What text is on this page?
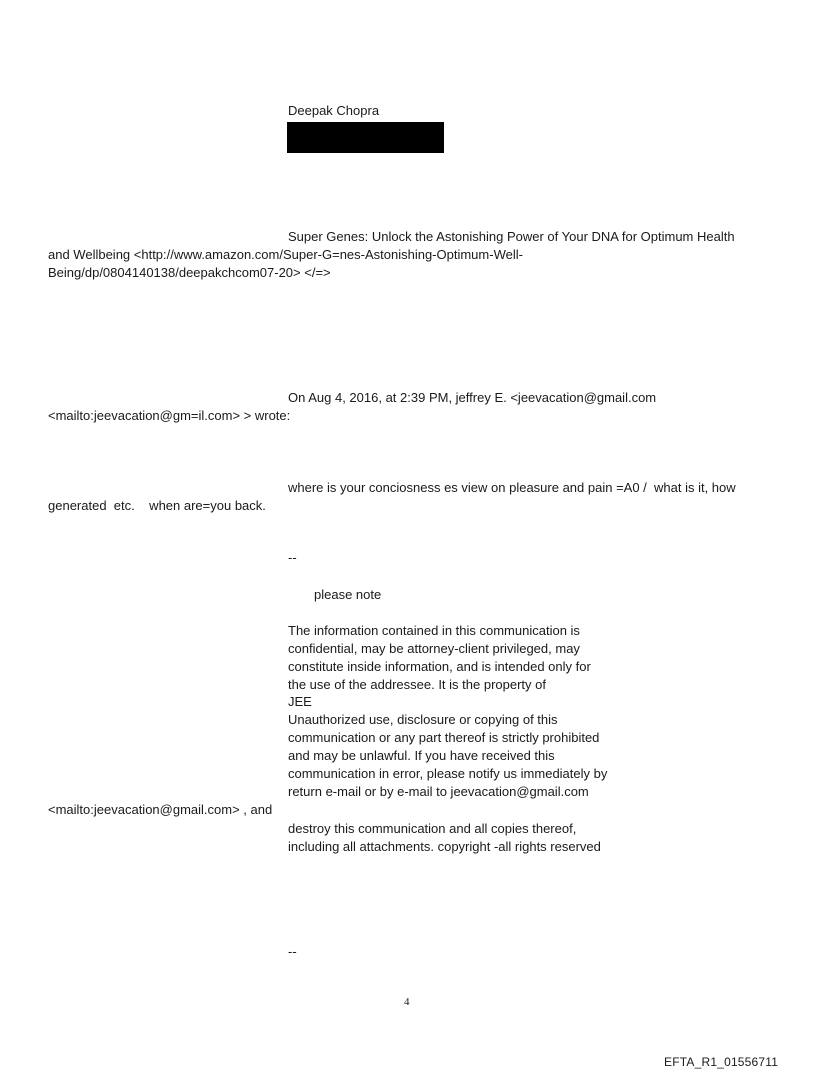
Deepak Chopra
Super Genes: Unlock the Astonishing Power of Your DNA for Optimum Health
and Wellbeing <http://www.amazon.com/Super-G=nes-Astonishing-Optimum-Well-
Being/dp/0804140138/deepakchcom07-20> </=>
On Aug 4, 2016, at 2:39 PM, jeffrey E. <jeevacation@gmail.com
<mailto:jeevacation@gm=il.com> > wrote:
where is your conciosness es view on pleasure and pain =A0 /  what is it, how
generated  etc.    when are=you back.
--
please note
The information contained in this communication is
confidential, may be attorney-client privileged, may
constitute inside information, and is intended only for
the use of the addressee. It is the property of
JEE
Unauthorized use, disclosure or copying of this
communication or any part thereof is strictly prohibited
and may be unlawful. If you have received this
communication in error, please notify us immediately by
return e-mail or by e-mail to jeevacation@gmail.com
<mailto:jeevacation@gmail.com> , and
destroy this communication and all copies thereof,
including all attachments. copyright -all rights reserved
--
4
EFTA_R1_01556711
